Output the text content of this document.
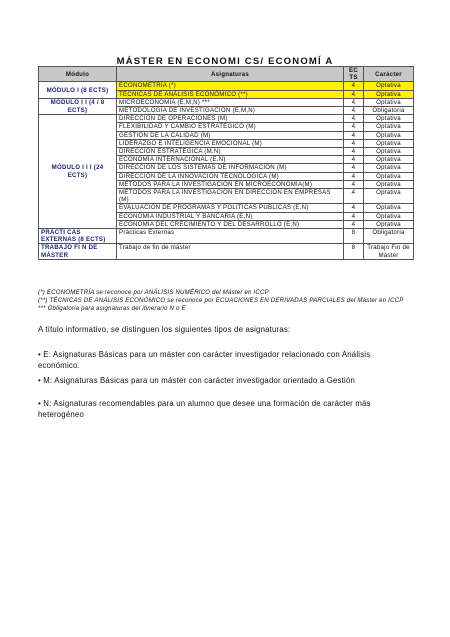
MÁSTER EN ECONOMI CS/ ECONOMÍ A
Módulo	Asignaturas	EC TS	Carácter
MÓDULO I (8 ECTS)	ECONOMETRÍA (*)	4	Optativa
	TÉCNICAS DE ANÁLISIS ECONÓMICO (**)	4	Optativa
MÓDULO I I (4 / 8 ECTS)	MICROECONOMÍA (E,M,N) ***	4	Optativa
	METODOLOGÍA DE INVESTIGACIÓN (E,M,N)	4	Obligatoria
MÓDULO I I I (24 ECTS)	DIRECCIÓN DE OPERACIONES (M)	4	Optativa
	FLEXIBILIDAD Y CAMBIO ESTRATÉGICO (M)	4	Optativa
	GESTIÓN DE LA CALIDAD (M)	4	Optativa
	LIDERAZGO E INTELIGENCIA EMOCIONAL (M)	4	Optativa
	DIRECCIÓN ESTRATÉGICA (M,N)	4	Optativa
	ECONOMÍA INTERNACIONAL (E,N)	4	Optativa
	DIRECCIÓN DE LOS SISTEMAS DE INFORMACIÓN (M)	4	Optativa
	DIRECCIÓN DE LA INNOVACIÓN TECNOLÓGICA (M)	4	Optativa
	MÉTODOS PARA LA INVESTIGACIÓN EN MICROECONOMÍA(M)	4	Optativa
	MÉTODOS PARA LA INVESTIGACIÓN EN DIRECCIÓN EN EMPRESAS (M)	4	Optativa
	EVALUACIÓN DE PROGRAMAS Y POLÍTICAS PÚBLICAS (E,N)	4	Optativa
	ECONOMÍA INDUSTRIAL Y BANCARIA (E,N)	4	Optativa
	ECONOMÍA DEL CRECIMIENTO Y DEL DESARROLLO (E,N)	4	Optativa
PRÁCTI CAS EXTERNAS (8 ECTS)	Prácticas Externas	8	Obligatoria
TRABAJO FI N DE MÁSTER	Trabajo de fin de máster	8	Trabajo Fin de Máster
(*) ECONOMETRÍA se reconoce por ANÁLISIS NUMÉRICO del Máster en ICCP
(**) TÉCNICAS DE ANÁLISIS ECONÓMICO se reconoce por ECUACIONES EN DERIVADAS PARCIALES del Máster en ICCP
*** Obligatoria para asignaturas del itinerario N o E
A título informativo, se distinguen los siguientes tipos de asignaturas:
• E: Asignaturas Básicas para un máster con carácter investigador relacionado con Análisis económico.
• M: Asignaturas Básicas para un máster con carácter investigador orientado a Gestión
• N: Asignaturas recomendables para un alumno que desee una formación de carácter más heterogéneo
